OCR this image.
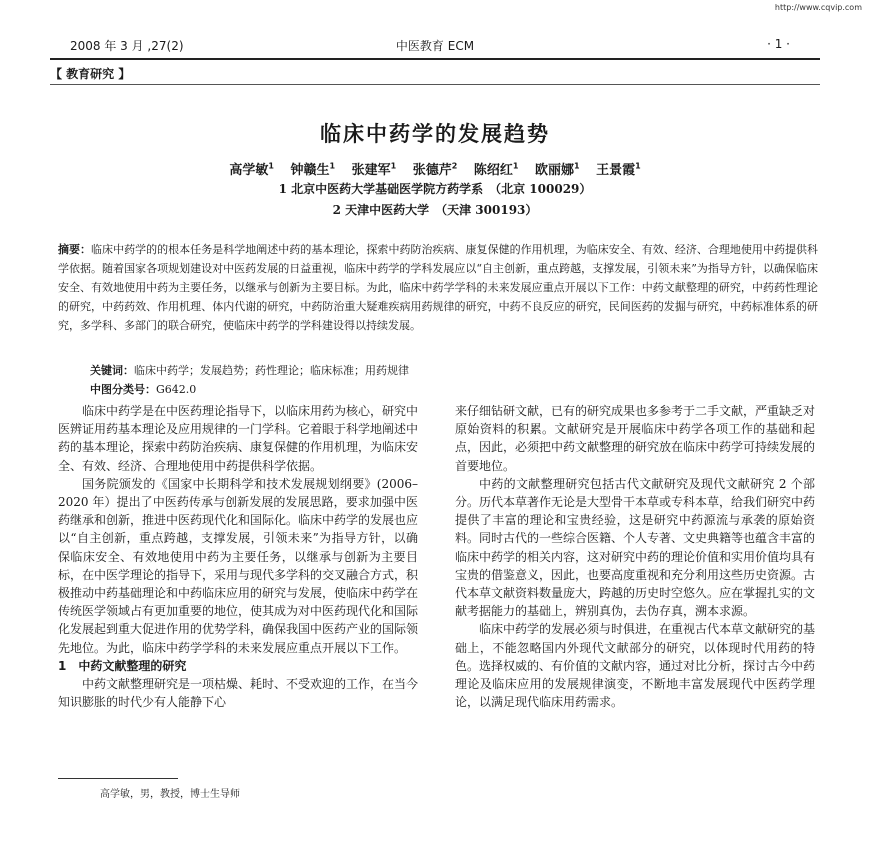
http://www.cqvip.com
2008 年 3 月 ,27(2)	中医教育 ECM	· 1 ·
【 教育研究 】
临床中药学的发展趋势
高学敏$^1$ 钟赣生$^1$ 张建军$^1$ 张德芹$^2$ 陈绍红$^1$ 欧丽娜$^1$ 王景霞$^1$
1 北京中医药大学基础医学院方药学系　（北京 100029）
2 天津中医药大学　（天津 300193）
摘要：临床中药学的的根本任务是科学地阐述中药的基本理论，探索中药防治疾病、康复保健的作用机理，为临床安全、有效、经济、合理地使用中药提供科学依据。随着国家各项规划建设对中医药发展的日益重视，临床中药学的学科发展应以“自主创新，重点跨越，支撑发展，引领未来”为指导方针，以确保临床安全、有效地使用中药为主要任务，以继承与创新为主要目标。为此，临床中药学学科的未来发展应重点开展以下工作：中药文献整理的研究，中药药性理论的研究，中药药效、作用机理、体内代谢的研究，中药防治重大疑难疾病用药规律的研究，中药不良反应的研究，民间医药的发掘与研究，中药标准体系的研究，多学科、多部门的联合研究，使临床中药学的学科建设得以持续发展。
关键词：临床中药学；发展趋势；药性理论；临床标准；用药规律
中图分类号：G642.0

临床中药学是在中医药理论指导下，以临床用药为核心，研究中医辨证用药基本理论及应用规律的一门学科。它着眼于科学地阐述中药的基本理论，探索中药防治疾病、康复保健的作用机理，为临床安全、有效、经济、合理地使用中药提供科学依据。

国务院颁发的《国家中长期科学和技术发展规划纲要》(2006–2020 年）提出了中医药传承与创新发展的发展思路，要求加强中医药继承和创新，推进中医药现代化和国际化。临床中药学的发展也应以“自主创新，重点跨越，支撑发展，引领未来”为指导方针，以确保临床安全、有效地使用中药为主要任务，以继承与创新为主要目标，在中医学理论的指导下，采用与现代多学科的交叉融合方式，积极推动中药基础理论和中药临床应用的研究与发展，使临床中药学在传统医学领域占有更加重要的地位，使其成为对中医药现代化和国际化发展起到重大促进作用的优势学科，确保我国中医药产业的国际领先地位。为此，临床中药学学科的未来发展应重点开展以下工作。

1　中药文献整理的研究

中药文献整理研究是一项枯燥、耗时、不受欢迎的工作，在当今知识膨胀的时代少有人能静下心

来仔细钻研文献，已有的研究成果也多参考于二手文献，严重缺乏对原始资料的积累。文献研究是开展临床中药学各项工作的基础和起点，因此，必须把中药文献整理的研究放在临床中药学可持续发展的首要地位。

中药的文献整理研究包括古代文献研究及现代文献研究 2 个部分。历代本草著作无论是大型骨干本草或专科本草，给我们研究中药提供了丰富的理论和宝贵经验，这是研究中药源流与承袭的原始资料。同时古代的一些综合医籍、个人专著、文史典籍等也蕴含丰富的临床中药学的相关内容，这对研究中药的理论价值和实用价值均具有宝贵的借鉴意义，因此，也要高度重视和充分利用这些历史资源。古代本草文献资料数量庞大，跨越的历史时空悠久。应在掌握扎实的文献考据能力的基础上，辨别真伪，去伪存真，溯本求源。

临床中药学的发展必须与时俱进，在重视古代本草文献研究的基础上，不能忽略国内外现代文献部分的研究，以体现时代用药的特色。选择权威的、有价值的文献内容，通过对比分析，探讨古今中药理论及临床应用的发展规律演变，不断地丰富发展现代中医药学理论，以满足现代临床用药需求。

高学敏，男，教授，博士生导师
